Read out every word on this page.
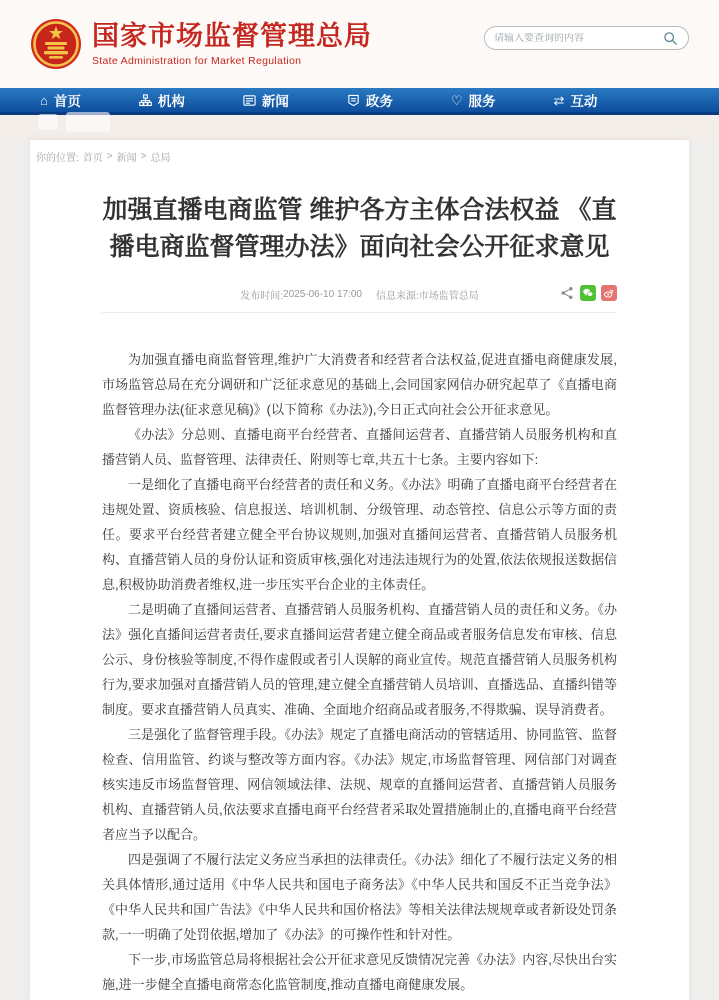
国家市场监督管理总局
State Administration for Market Regulation
请输入要查询的内容
⌂ 首页	机构	新闻	政务	♡ 服务	⇄ 互动
你的位置: 首页 > 新闻 > 总局
加强直播电商监管 维护各方主体合法权益 《直播电商监督管理办法》面向社会公开征求意见
发布时间: 2025-06-10 17:00 信息来源: 市场监管总局

为加强直播电商监督管理,维护广大消费者和经营者合法权益,促进直播电商健康发展,市场监管总局在充分调研和广泛征求意见的基础上,会同国家网信办研究起草了《直播电商监督管理办法(征求意见稿)》(以下简称《办法》),今日正式向社会公开征求意见。

《办法》分总则、直播电商平台经营者、直播间运营者、直播营销人员服务机构和直播营销人员、监督管理、法律责任、附则等七章,共五十七条。主要内容如下:

一是细化了直播电商平台经营者的责任和义务。《办法》明确了直播电商平台经营者在违规处置、资质核验、信息报送、培训机制、分级管理、动态管控、信息公示等方面的责任。要求平台经营者建立健全平台协议规则,加强对直播间运营者、直播营销人员服务机构、直播营销人员的身份认证和资质审核,强化对违法违规行为的处置,依法依规报送数据信息,积极协助消费者维权,进一步压实平台企业的主体责任。

二是明确了直播间运营者、直播营销人员服务机构、直播营销人员的责任和义务。《办法》强化直播间运营者责任,要求直播间运营者建立健全商品或者服务信息发布审核、信息公示、身份核验等制度,不得作虚假或者引人误解的商业宣传。规范直播营销人员服务机构行为,要求加强对直播营销人员的管理,建立健全直播营销人员培训、直播选品、直播纠错等制度。要求直播营销人员真实、准确、全面地介绍商品或者服务,不得欺骗、误导消费者。

三是强化了监督管理手段。《办法》规定了直播电商活动的管辖适用、协同监管、监督检查、信用监管、约谈与整改等方面内容。《办法》规定,市场监督管理、网信部门对调查核实违反市场监督管理、网信领域法律、法规、规章的直播间运营者、直播营销人员服务机构、直播营销人员,依法要求直播电商平台经营者采取处置措施制止的,直播电商平台经营者应当予以配合。

四是强调了不履行法定义务应当承担的法律责任。《办法》细化了不履行法定义务的相关具体情形,通过适用《中华人民共和国电子商务法》《中华人民共和国反不正当竞争法》《中华人民共和国广告法》《中华人民共和国价格法》等相关法律法规规章或者新设处罚条款,一一明确了处罚依据,增加了《办法》的可操作性和针对性。

下一步,市场监管总局将根据社会公开征求意见反馈情况完善《办法》内容,尽快出台实施,进一步健全直播电商常态化监管制度,推动直播电商健康发展。
